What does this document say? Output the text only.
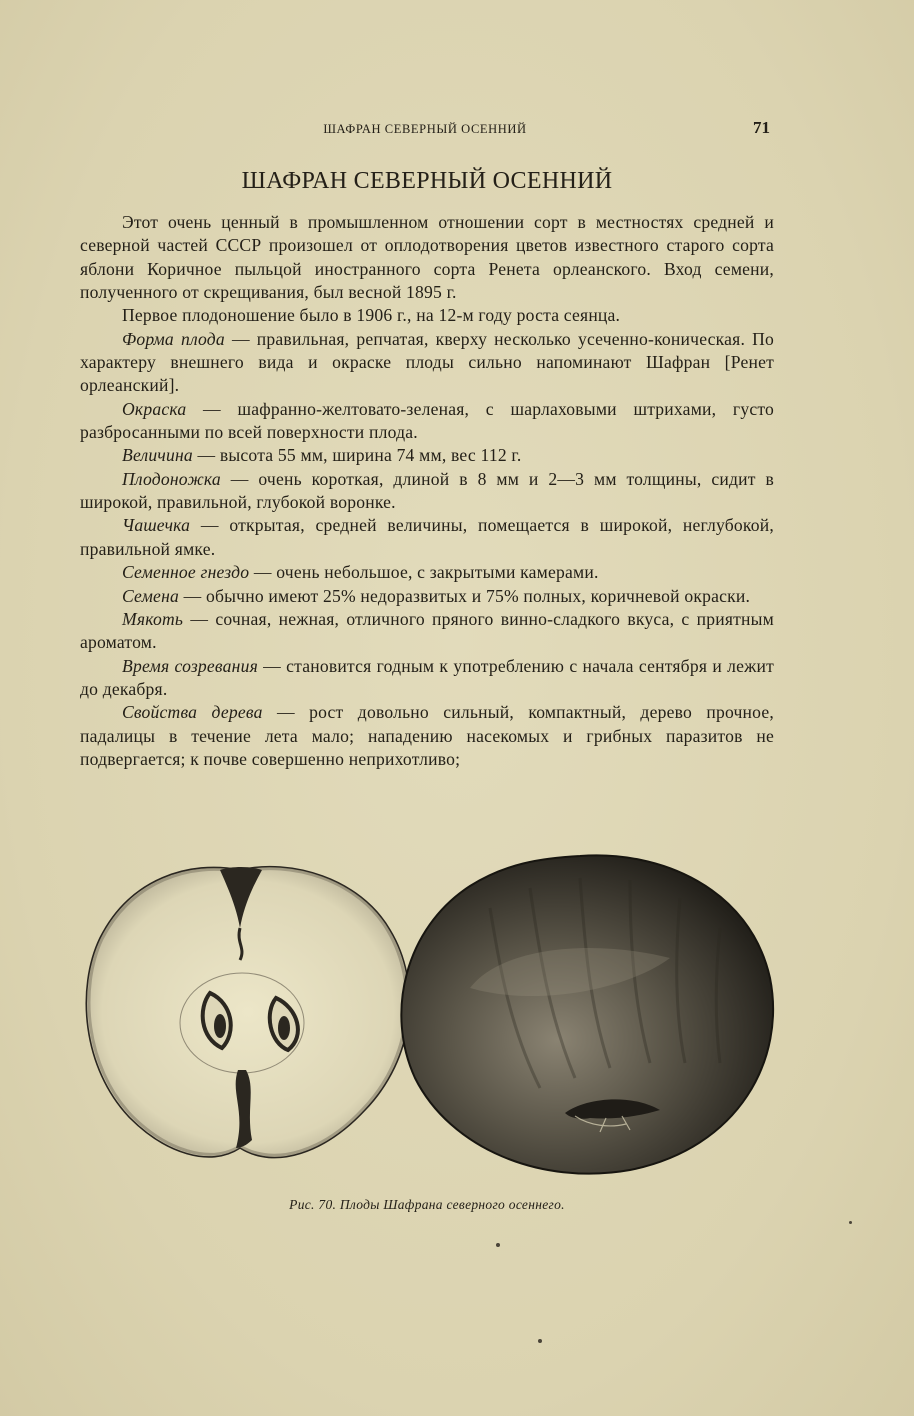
ШАФРАН СЕВЕРНЫЙ ОСЕННИЙ	71
ШАФРАН СЕВЕРНЫЙ ОСЕННИЙ

Этот очень ценный в промышленном отношении сорт в местностях средней и северной частей СССР произошел от оплодотворения цветов известного старого сорта яблони Коричное пыльцой иностранного сорта Ренета орлеанского. Вход семени, полученного от скрещивания, был весной 1895 г.

Первое плодоношение было в 1906 г., на 12-м году роста сеянца.

Форма плода — правильная, репчатая, кверху несколько усеченно-коническая. По характеру внешнего вида и окраске плоды сильно напоминают Шафран [Ренет орлеанский].

Окраска — шафранно-желтовато-зеленая, с шарлаховыми штрихами, густо разбросанными по всей поверхности плода.

Величина — высота 55 мм, ширина 74 мм, вес 112 г.

Плодоножка — очень короткая, длиной в 8 мм и 2—3 мм толщины, сидит в широкой, правильной, глубокой воронке.

Чашечка — открытая, средней величины, помещается в широкой, неглубокой, правильной ямке.

Семенное гнездо — очень небольшое, с закрытыми камерами.

Семена — обычно имеют 25% недоразвитых и 75% полных, коричневой окраски.

Мякоть — сочная, нежная, отличного пряного винно-сладкого вкуса, с приятным ароматом.

Время созревания — становится годным к употреблению с начала сентября и лежит до декабря.

Свойства дерева — рост довольно сильный, компактный, дерево прочное, падалицы в течение лета мало; нападению насекомых и грибных паразитов не подвергается; к почве совершенно неприхотливо;

Рис. 70. Плоды Шафрана северного осеннего.
